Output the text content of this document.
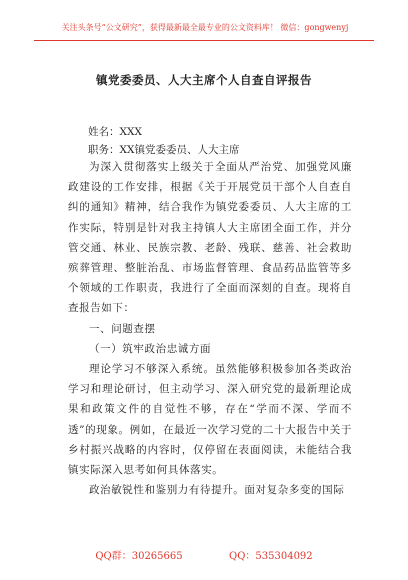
关注头条号“公文研究”，获得最新最全最专业的公文资料库！ 微信：gongwenyj
镇党委委员、人大主席个人自查自评报告
姓名：XXX
职务：XX镇党委委员、人大主席

为深入贯彻落实上级关于全面从严治党、加强党风廉政建设的工作安排，根据《关于开展党员干部个人自查自纠的通知》精神，结合我作为镇党委委员、人大主席的工作实际，特别是针对我主持镇人大主席团全面工作，并分管交通、林业、民族宗教、老龄、残联、慈善、社会救助殡葬管理、整脏治乱、市场监督管理、食品药品监管等多个领域的工作职责，我进行了全面而深刻的自查。现将自查报告如下：

一、问题查摆

（一）筑牢政治忠诚方面

理论学习不够深入系统。虽然能够积极参加各类政治学习和理论研讨，但主动学习、深入研究党的最新理论成果和政策文件的自觉性不够，存在“学而不深、学而不透”的现象。例如，在最近一次学习党的二十大报告中关于乡村振兴战略的内容时，仅停留在表面阅读，未能结合我镇实际深入思考如何具体落实。

政治敏锐性和鉴别力有待提升。面对复杂多变的国际

QQ群：30265665	QQ：535304092
